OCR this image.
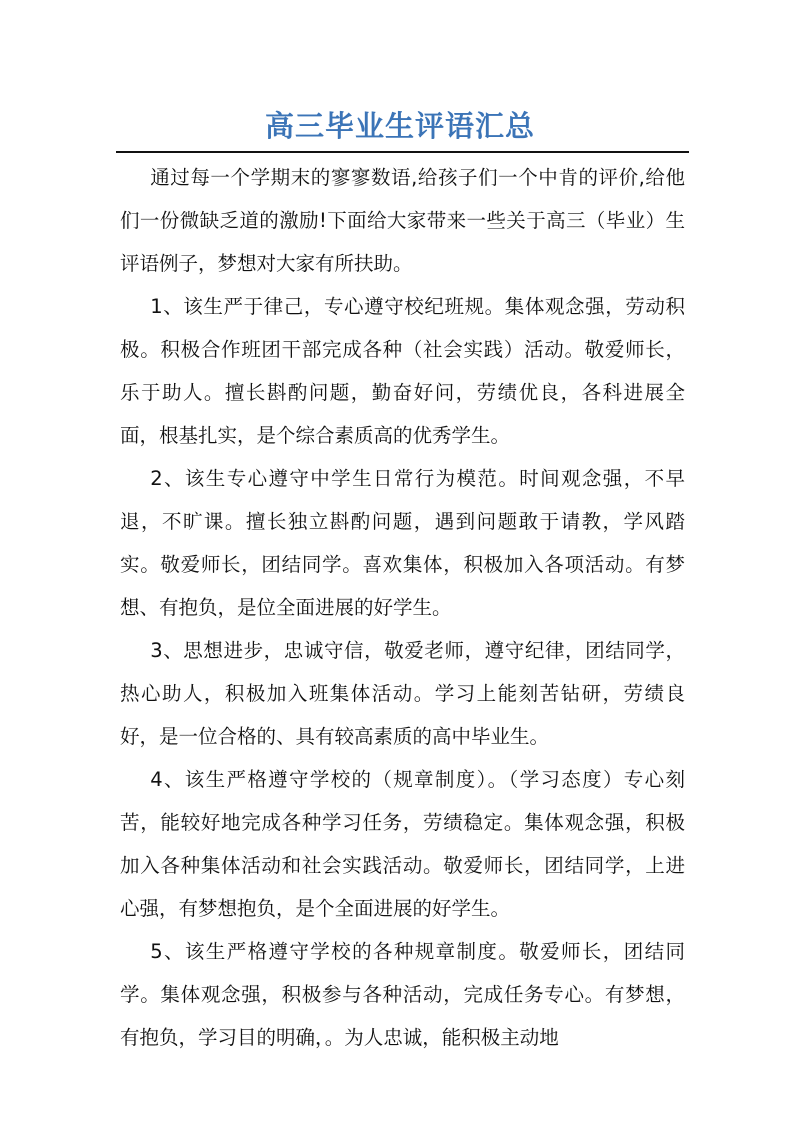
高三毕业生评语汇总

通过每一个学期末的寥寥数语,给孩子们一个中肯的评价,给他们一份微缺乏道的激励!下面给大家带来一些关于高三（毕业）生评语例子，梦想对大家有所扶助。

1、该生严于律己，专心遵守校纪班规。集体观念强，劳动积极。积极合作班团干部完成各种（社会实践）活动。敬爱师长，乐于助人。擅长斟酌问题，勤奋好问，劳绩优良，各科进展全面，根基扎实，是个综合素质高的优秀学生。

2、该生专心遵守中学生日常行为模范。时间观念强，不早退，不旷课。擅长独立斟酌问题，遇到问题敢于请教，学风踏实。敬爱师长，团结同学。喜欢集体，积极加入各项活动。有梦想、有抱负，是位全面进展的好学生。

3、思想进步，忠诚守信，敬爱老师，遵守纪律，团结同学，热心助人，积极加入班集体活动。学习上能刻苦钻研，劳绩良好，是一位合格的、具有较高素质的高中毕业生。

4、该生严格遵守学校的（规章制度）。（学习态度）专心刻苦，能较好地完成各种学习任务，劳绩稳定。集体观念强，积极加入各种集体活动和社会实践活动。敬爱师长，团结同学，上进心强，有梦想抱负，是个全面进展的好学生。

5、该生严格遵守学校的各种规章制度。敬爱师长，团结同学。集体观念强，积极参与各种活动，完成任务专心。有梦想，有抱负，学习目的明确，。为人忠诚，能积极主动地
